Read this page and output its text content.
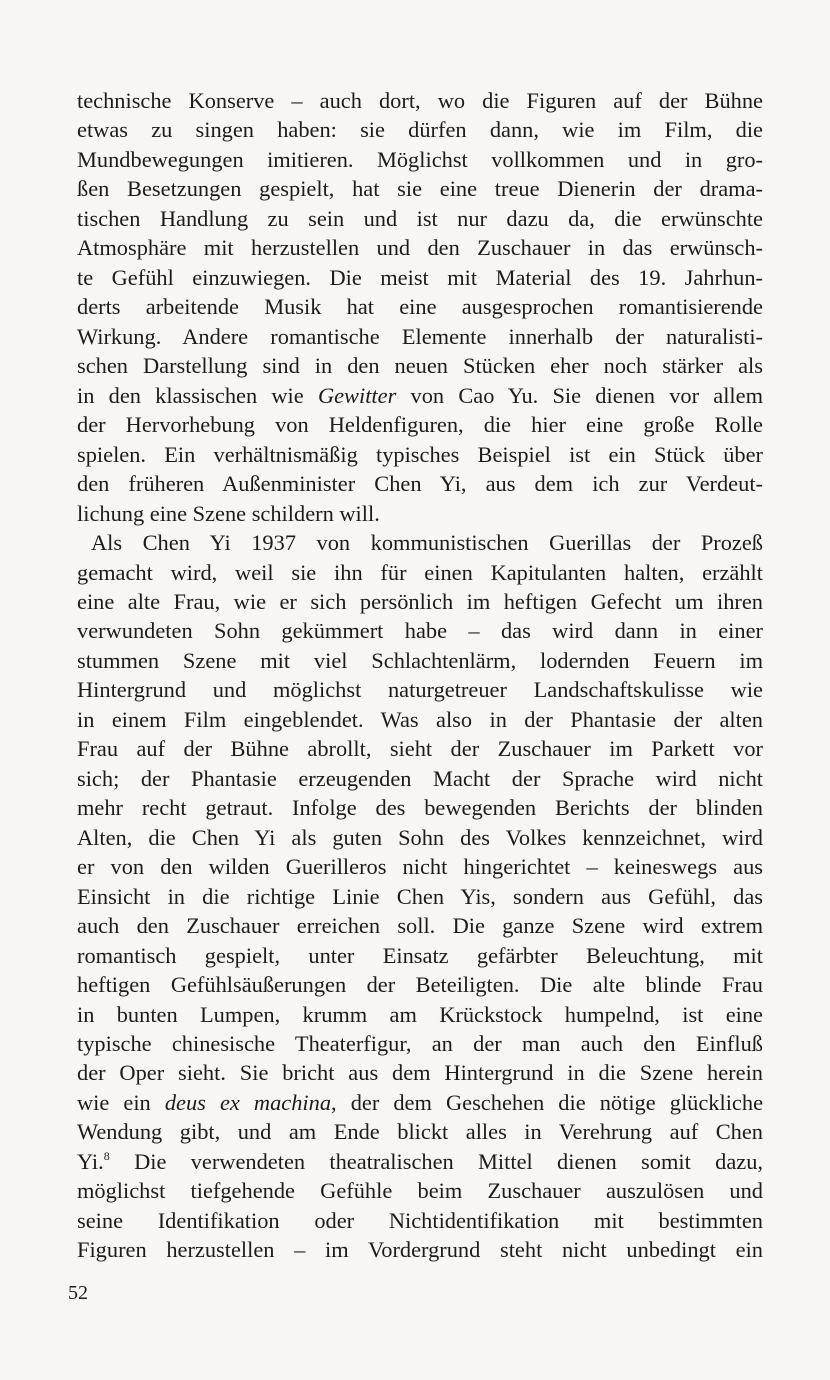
technische Konserve – auch dort, wo die Figuren auf der Bühne
etwas zu singen haben: sie dürfen dann, wie im Film, die
Mundbewegungen imitieren. Möglichst vollkommen und in gro-
ßen Besetzungen gespielt, hat sie eine treue Dienerin der drama-
tischen Handlung zu sein und ist nur dazu da, die erwünschte
Atmosphäre mit herzustellen und den Zuschauer in das erwünsch-
te Gefühl einzuwiegen. Die meist mit Material des 19. Jahrhun-
derts arbeitende Musik hat eine ausgesprochen romantisierende
Wirkung. Andere romantische Elemente innerhalb der naturalisti-
schen Darstellung sind in den neuen Stücken eher noch stärker als
in den klassischen wie Gewitter von Cao Yu. Sie dienen vor allem
der Hervorhebung von Heldenfiguren, die hier eine große Rolle
spielen. Ein verhältnismäßig typisches Beispiel ist ein Stück über
den früheren Außenminister Chen Yi, aus dem ich zur Verdeut-
lichung eine Szene schildern will.
Als Chen Yi 1937 von kommunistischen Guerillas der Prozeß
gemacht wird, weil sie ihn für einen Kapitulanten halten, erzählt
eine alte Frau, wie er sich persönlich im heftigen Gefecht um ihren
verwundeten Sohn gekümmert habe – das wird dann in einer
stummen Szene mit viel Schlachtenlärm, lodernden Feuern im
Hintergrund und möglichst naturgetreuer Landschaftskulisse wie
in einem Film eingeblendet. Was also in der Phantasie der alten
Frau auf der Bühne abrollt, sieht der Zuschauer im Parkett vor
sich; der Phantasie erzeugenden Macht der Sprache wird nicht
mehr recht getraut. Infolge des bewegenden Berichts der blinden
Alten, die Chen Yi als guten Sohn des Volkes kennzeichnet, wird
er von den wilden Guerilleros nicht hingerichtet – keineswegs aus
Einsicht in die richtige Linie Chen Yis, sondern aus Gefühl, das
auch den Zuschauer erreichen soll. Die ganze Szene wird extrem
romantisch gespielt, unter Einsatz gefärbter Beleuchtung, mit
heftigen Gefühlsäußerungen der Beteiligten. Die alte blinde Frau
in bunten Lumpen, krumm am Krückstock humpelnd, ist eine
typische chinesische Theaterfigur, an der man auch den Einfluß
der Oper sieht. Sie bricht aus dem Hintergrund in die Szene herein
wie ein deus ex machina, der dem Geschehen die nötige glückliche
Wendung gibt, und am Ende blickt alles in Verehrung auf Chen
Yi.$^8$ Die verwendeten theatralischen Mittel dienen somit dazu,
möglichst tiefgehende Gefühle beim Zuschauer auszulösen und
seine Identifikation oder Nichtidentifikation mit bestimmten
Figuren herzustellen – im Vordergrund steht nicht unbedingt ein
52
